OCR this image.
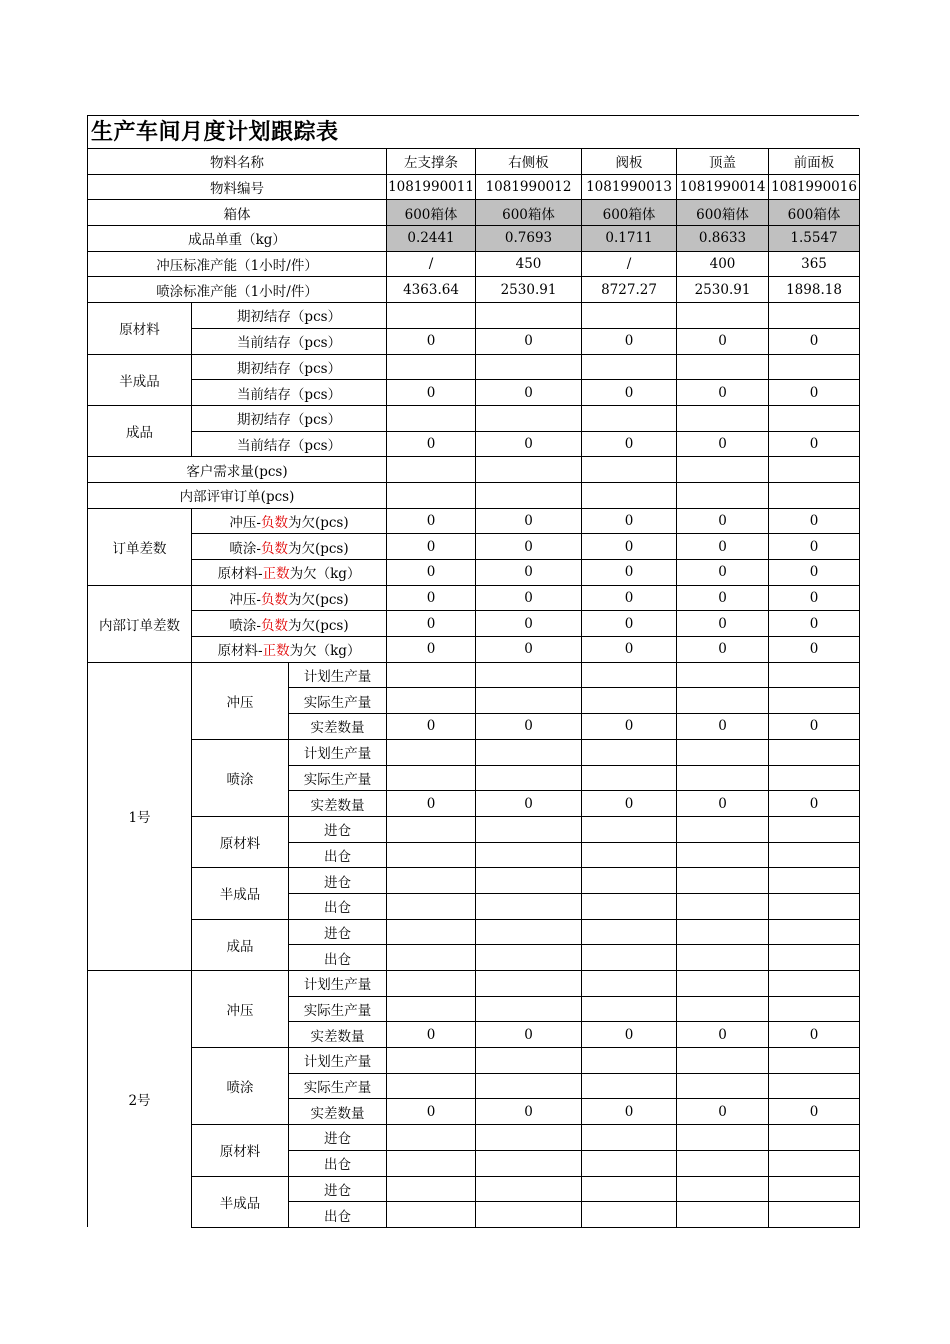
生产车间月度计划跟踪表
物料名称			左支撑条	右侧板	阀板	顶盖	前面板
物料编号			1081990011	1081990012	1081990013	1081990014	1081990016
箱体			600箱体	600箱体	600箱体	600箱体	600箱体
成品单重（kg）			0.2441	0.7693	0.1711	0.8633	1.5547
冲压标准产能（1小时/件）			/	450	/	400	365
喷涂标准产能（1小时/件）			4363.64	2530.91	8727.27	2530.91	1898.18
原材料	期初结存（pcs）						
	当前结存（pcs）		0	0	0	0	0
半成品	期初结存（pcs）						
	当前结存（pcs）		0	0	0	0	0
成品	期初结存（pcs）						
	当前结存（pcs）		0	0	0	0	0
客户需求量(pcs)							
内部评审订单(pcs)							
订单差数	冲压-负数为欠(pcs)		0	0	0	0	0
	喷涂-负数为欠(pcs)		0	0	0	0	0
	原材料-正数为欠（kg）		0	0	0	0	0
内部订单差数	冲压-负数为欠(pcs)		0	0	0	0	0
	喷涂-负数为欠(pcs)		0	0	0	0	0
	原材料-正数为欠（kg）		0	0	0	0	0
1号	冲压	计划生产量					
		实际生产量					
		实差数量	0	0	0	0	0
	喷涂	计划生产量					
		实际生产量					
		实差数量	0	0	0	0	0
	原材料	进仓					
		出仓					
	半成品	进仓					
		出仓					
	成品	进仓					
		出仓					
2号	冲压	计划生产量					
		实际生产量					
		实差数量	0	0	0	0	0
	喷涂	计划生产量					
		实际生产量					
		实差数量	0	0	0	0	0
	原材料	进仓					
		出仓					
	半成品	进仓					
		出仓					
